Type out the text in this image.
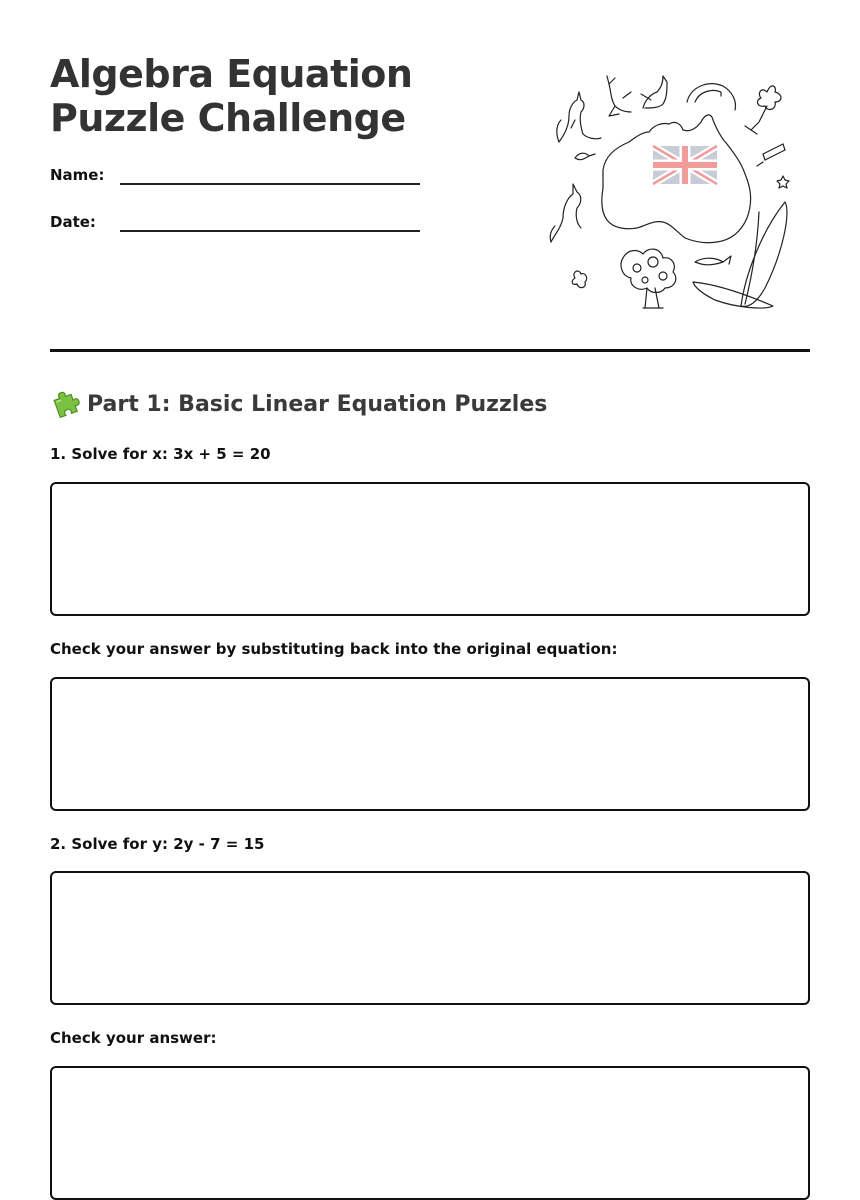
Algebra Equation Puzzle Challenge
Name:
Date:
Part 1: Basic Linear Equation Puzzles
1. Solve for x: 3x + 5 = 20
Check your answer by substituting back into the original equation:
2. Solve for y: 2y - 7 = 15
Check your answer:
